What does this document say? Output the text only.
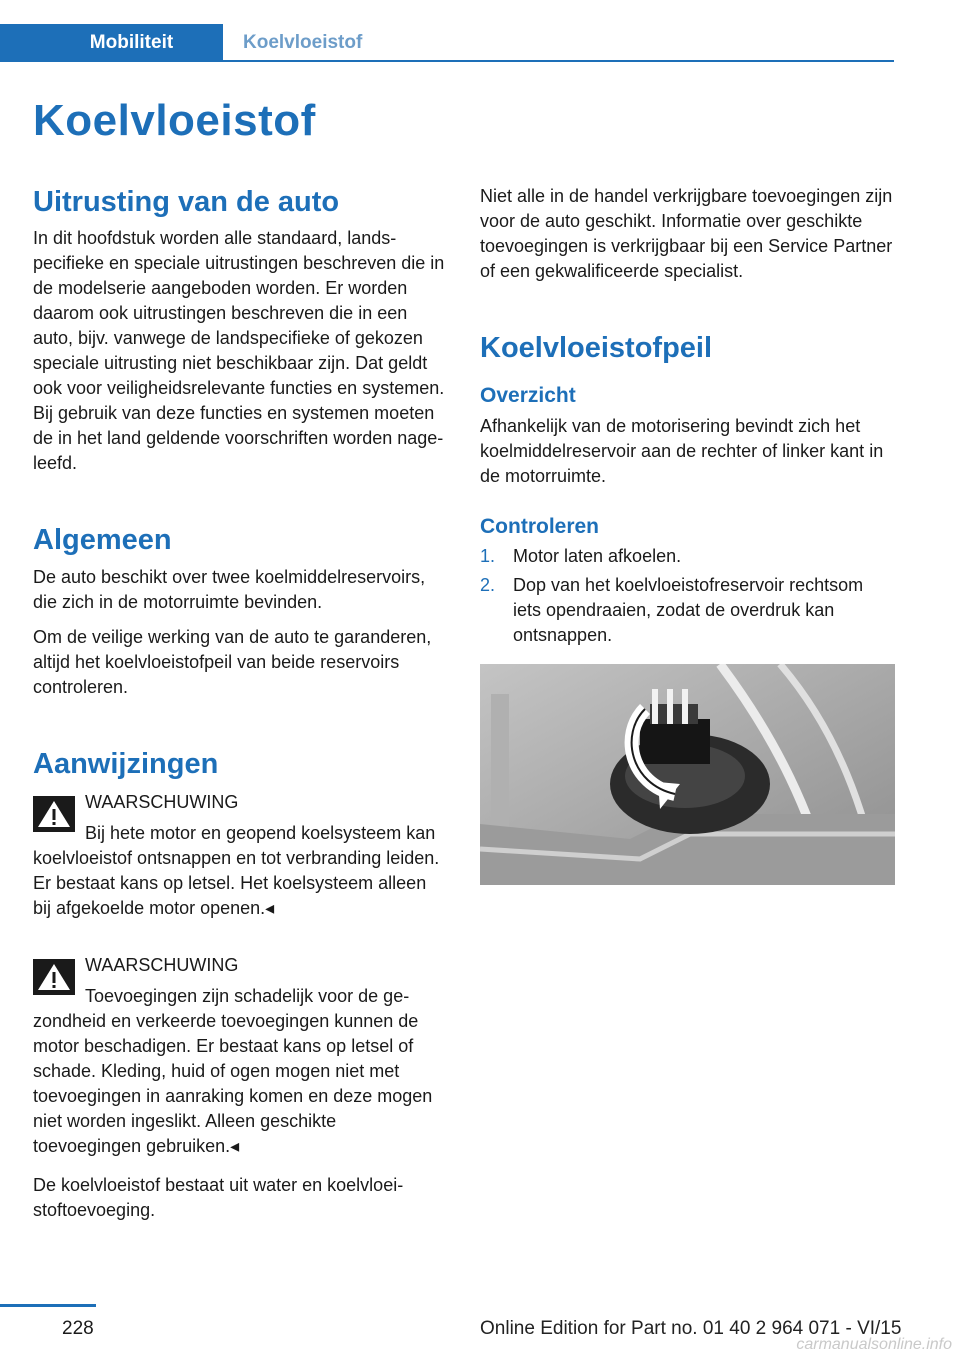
Mobiliteit	Koelvloeistof
Koelvloeistof
Uitrusting van de auto

In dit hoofdstuk worden alle standaard, landspecifieke en speciale uitrustingen beschreven die in de modelserie aangeboden worden. Er worden daarom ook uitrustingen beschreven die in een auto, bijv. vanwege de landspecifieke of gekozen speciale uitrusting niet beschikbaar zijn. Dat geldt ook voor veiligheidsrelevante functies en systemen. Bij gebruik van deze functies en systemen moeten de in het land geldende voorschriften worden nageleefd.

Algemeen

De auto beschikt over twee koelmiddelreservoirs, die zich in de motorruimte bevinden.

Om de veilige werking van de auto te garanderen, altijd het koelvloeistofpeil van beide reservoirs controleren.

Aanwijzingen

WAARSCHUWING

Bij hete motor en geopend koelsysteem kan koelvloeistof ontsnappen en tot verbranding leiden. Er bestaat kans op letsel. Het koelsysteem alleen bij afgekoelde motor openen.◂

WAARSCHUWING

Toevoegingen zijn schadelijk voor de gezondheid en verkeerde toevoegingen kunnen de motor beschadigen. Er bestaat kans op letsel of schade. Kleding, huid of ogen mogen niet met toevoegingen in aanraking komen en deze mogen niet worden ingeslikt. Alleen geschikte toevoegingen gebruiken.◂

De koelvloeistof bestaat uit water en koelvloeistoftoevoeging.

Niet alle in de handel verkrijgbare toevoegingen zijn voor de auto geschikt. Informatie over geschikte toevoegingen is verkrijgbaar bij een Service Partner of een gekwalificeerde specialist.

Koelvloeistofpeil
Overzicht

Afhankelijk van de motorisering bevindt zich het koelmiddelreservoir aan de rechter of linker kant in de motorruimte.

Controleren
1. Motor laten afkoelen.
2. Dop van het koelvloeistofreservoir rechtsom iets opendraaien, zodat de overdruk kan ontsnappen.
228	Online Edition for Part no. 01 40 2 964 071 - VI/15
carmanualsonline.info
